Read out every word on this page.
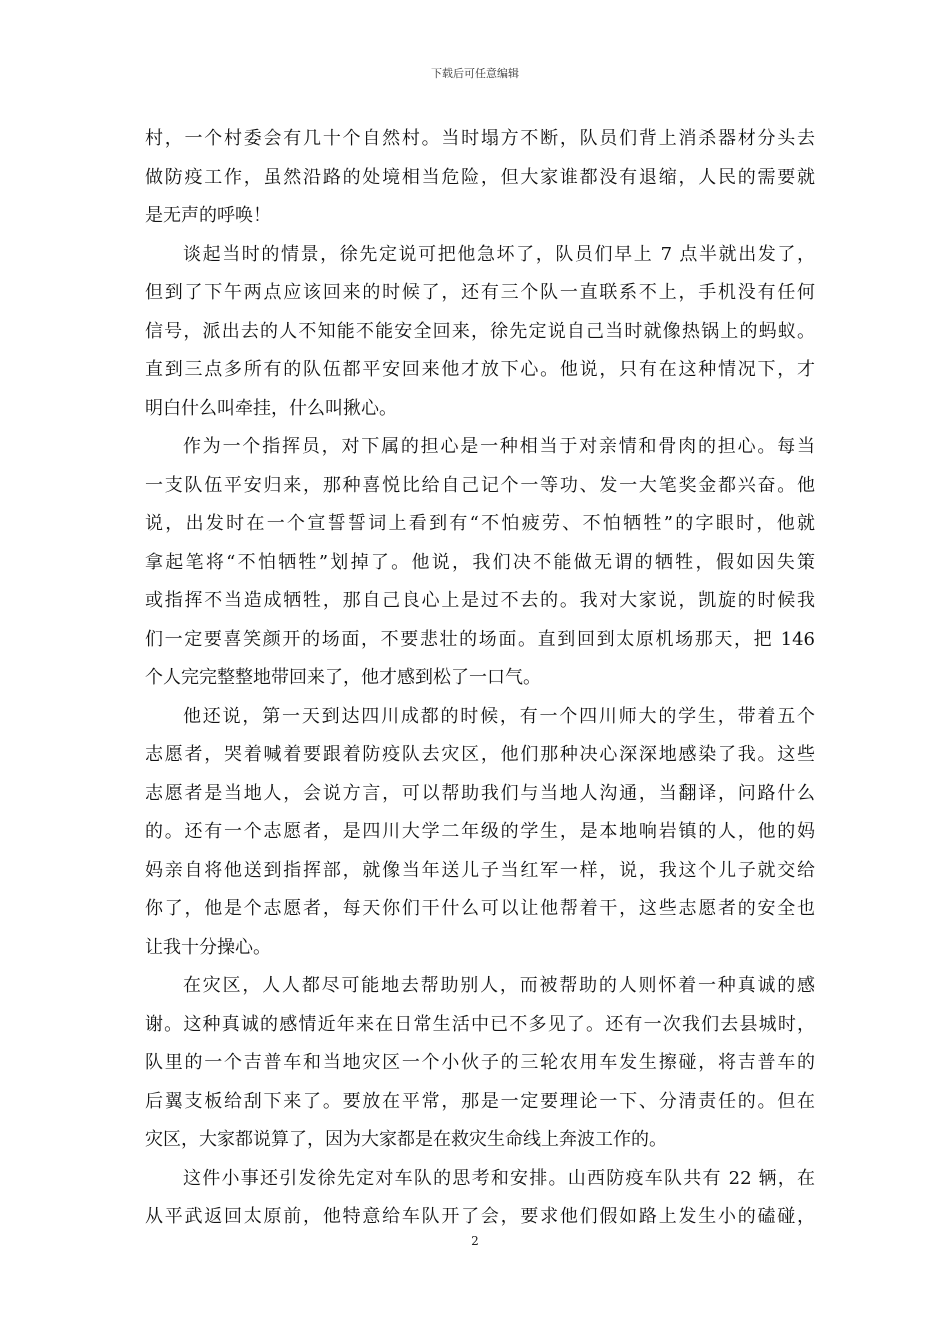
下载后可任意编辑
村，一个村委会有几十个自然村。当时塌方不断，队员们背上消杀器材分头去
做防疫工作，虽然沿路的处境相当危险，但大家谁都没有退缩，人民的需要就
是无声的呼唤！
谈起当时的情景，徐先定说可把他急坏了，队员们早上 7 点半就出发了，
但到了下午两点应该回来的时候了，还有三个队一直联系不上，手机没有任何
信号，派出去的人不知能不能安全回来，徐先定说自己当时就像热锅上的蚂蚁。
直到三点多所有的队伍都平安回来他才放下心。他说，只有在这种情况下，才
明白什么叫牵挂，什么叫揪心。
作为一个指挥员，对下属的担心是一种相当于对亲情和骨肉的担心。每当
一支队伍平安归来，那种喜悦比给自己记个一等功、发一大笔奖金都兴奋。他
说，出发时在一个宣誓誓词上看到有“不怕疲劳、不怕牺牲”的字眼时，他就
拿起笔将“不怕牺牲”划掉了。他说，我们决不能做无谓的牺牲，假如因失策
或指挥不当造成牺牲，那自己良心上是过不去的。我对大家说，凯旋的时候我
们一定要喜笑颜开的场面，不要悲壮的场面。直到回到太原机场那天，把 146
个人完完整整地带回来了，他才感到松了一口气。
他还说，第一天到达四川成都的时候，有一个四川师大的学生，带着五个
志愿者，哭着喊着要跟着防疫队去灾区，他们那种决心深深地感染了我。这些
志愿者是当地人，会说方言，可以帮助我们与当地人沟通，当翻译，问路什么
的。还有一个志愿者，是四川大学二年级的学生，是本地响岩镇的人，他的妈
妈亲自将他送到指挥部，就像当年送儿子当红军一样，说，我这个儿子就交给
你了，他是个志愿者，每天你们干什么可以让他帮着干，这些志愿者的安全也
让我十分操心。
在灾区，人人都尽可能地去帮助别人，而被帮助的人则怀着一种真诚的感
谢。这种真诚的感情近年来在日常生活中已不多见了。还有一次我们去县城时，
队里的一个吉普车和当地灾区一个小伙子的三轮农用车发生擦碰，将吉普车的
后翼支板给刮下来了。要放在平常，那是一定要理论一下、分清责任的。但在
灾区，大家都说算了，因为大家都是在救灾生命线上奔波工作的。
这件小事还引发徐先定对车队的思考和安排。山西防疫车队共有 22 辆，在
从平武返回太原前，他特意给车队开了会，要求他们假如路上发生小的磕碰，
2
